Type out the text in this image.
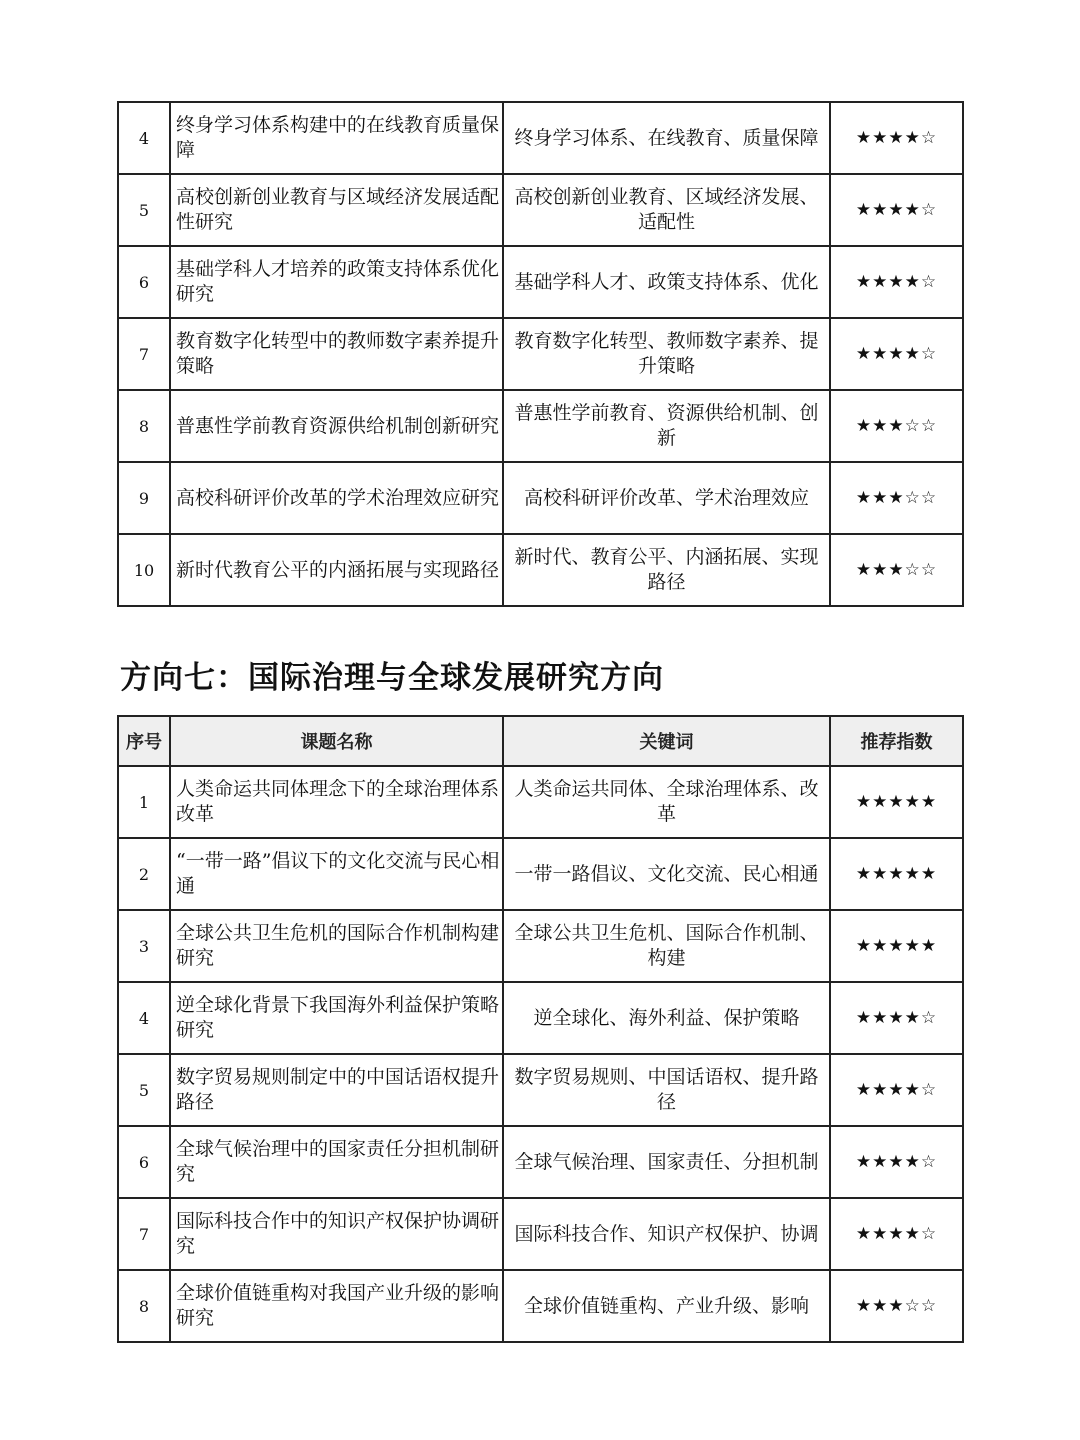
4	终身学习体系构建中的在线教育质量保障	终身学习体系、在线教育、质量保障	★★★★☆
5	高校创新创业教育与区域经济发展适配性研究	高校创新创业教育、区域经济发展、适配性	★★★★☆
6	基础学科人才培养的政策支持体系优化研究	基础学科人才、政策支持体系、优化	★★★★☆
7	教育数字化转型中的教师数字素养提升策略	教育数字化转型、教师数字素养、提升策略	★★★★☆
8	普惠性学前教育资源供给机制创新研究	普惠性学前教育、资源供给机制、创新	★★★☆☆
9	高校科研评价改革的学术治理效应研究	高校科研评价改革、学术治理效应	★★★☆☆
10	新时代教育公平的内涵拓展与实现路径	新时代、教育公平、内涵拓展、实现路径	★★★☆☆
方向七：国际治理与全球发展研究方向
序号	课题名称	关键词	推荐指数
1	人类命运共同体理念下的全球治理体系改革	人类命运共同体、全球治理体系、改革	★★★★★
2	“一带一路”倡议下的文化交流与民心相通	一带一路倡议、文化交流、民心相通	★★★★★
3	全球公共卫生危机的国际合作机制构建研究	全球公共卫生危机、国际合作机制、构建	★★★★★
4	逆全球化背景下我国海外利益保护策略研究	逆全球化、海外利益、保护策略	★★★★☆
5	数字贸易规则制定中的中国话语权提升路径	数字贸易规则、中国话语权、提升路径	★★★★☆
6	全球气候治理中的国家责任分担机制研究	全球气候治理、国家责任、分担机制	★★★★☆
7	国际科技合作中的知识产权保护协调研究	国际科技合作、知识产权保护、协调	★★★★☆
8	全球价值链重构对我国产业升级的影响研究	全球价值链重构、产业升级、影响	★★★☆☆
